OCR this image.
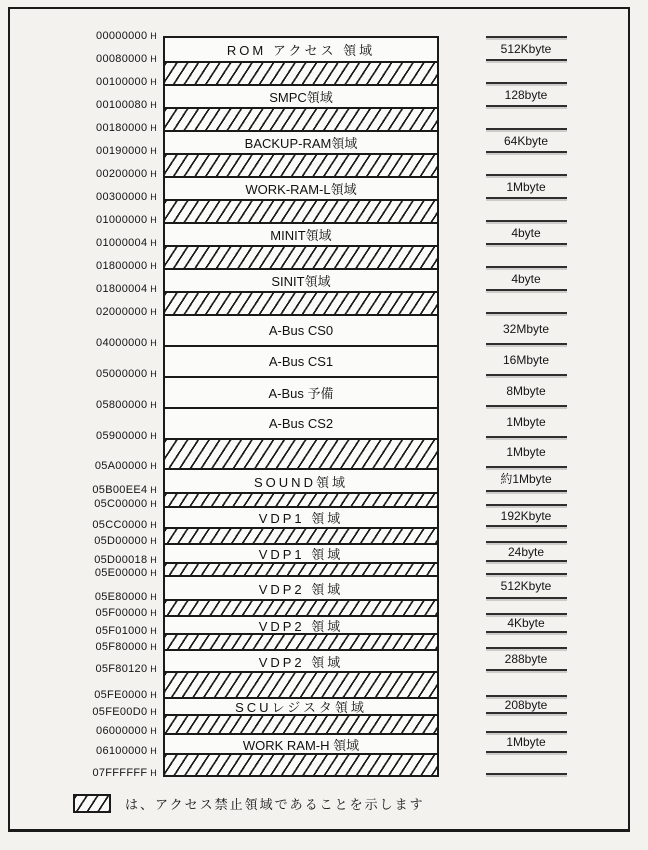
ROM アクセス 領域
SMPC領域
BACKUP-RAM領域
WORK-RAM-L領域
MINIT領域
SINIT領域
A-Bus CS0
A-Bus CS1
A-Bus 予備
A-Bus CS2
SOUND領域
VDP1 領域
VDP1 領域
VDP2 領域
VDP2 領域
VDP2 領域
SCUレジスタ領域
WORK RAM-H 領域
00000000 H
00080000 H
00100000 H
00100080 H
00180000 H
00190000 H
00200000 H
00300000 H
01000000 H
01000004 H
01800000 H
01800004 H
02000000 H
04000000 H
05000000 H
05800000 H
05900000 H
05A00000 H
05B00EE4 H
05C00000 H
05CC0000 H
05D00000 H
05D00018 H
05E00000 H
05E80000 H
05F00000 H
05F01000 H
05F80000 H
05F80120 H
05FE0000 H
05FE00D0 H
06000000 H
06100000 H
07FFFFFF H
512Kbyte
128byte
64Kbyte
1Mbyte
4byte
4byte
32Mbyte
16Mbyte
8Mbyte
1Mbyte
1Mbyte
約1Mbyte
192Kbyte
24byte
512Kbyte
4Kbyte
288byte
208byte
1Mbyte
は、アクセス禁止領域であることを示します
